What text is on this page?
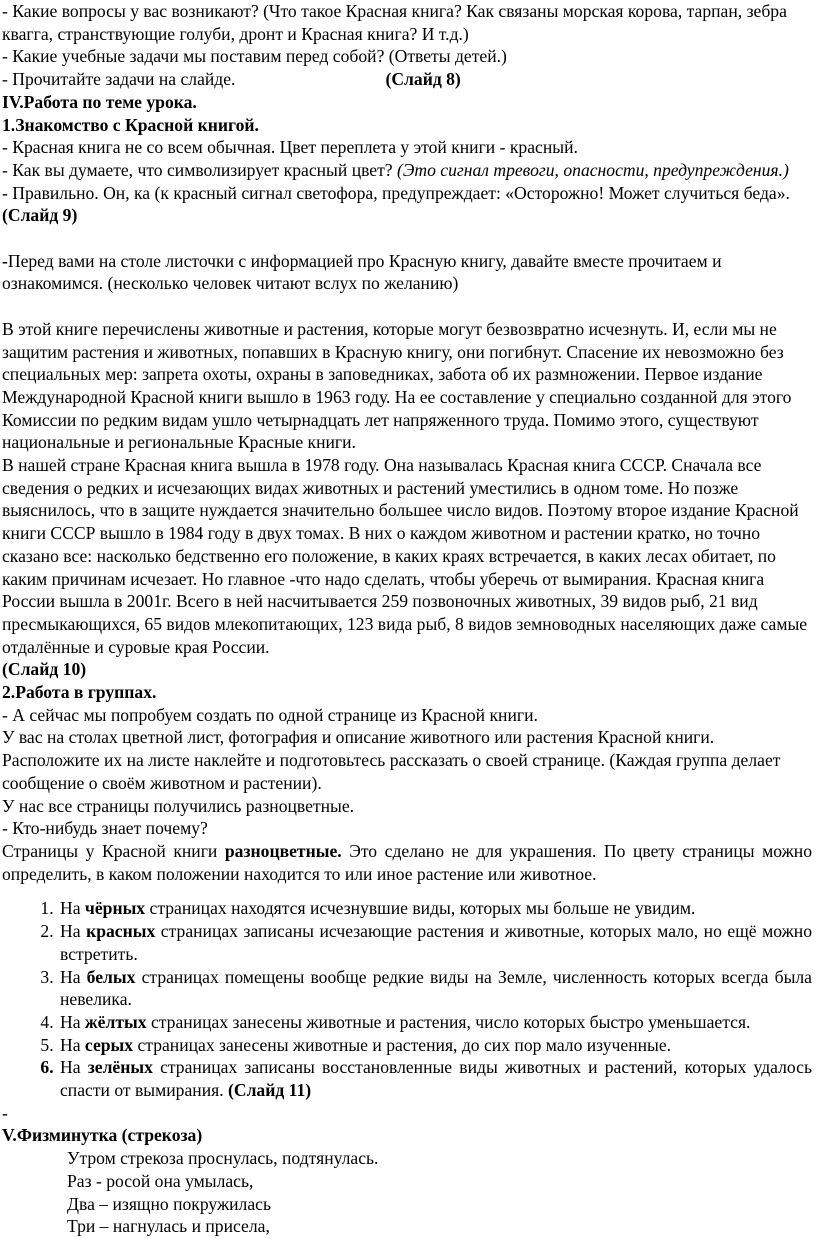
- Какие вопросы у вас возникают? (Что такое Красная книга? Как связаны морская корова, тарпан, зебра квагга, странствующие голуби, дронт и Красная книга? И т.д.)

- Какие учебные задачи мы поставим перед собой? (Ответы детей.)

- Прочитайте задачи на слайде.	(Слайд 8)

IV.Работа по теме урока.

1.Знакомство с Красной книгой.

- Красная книга не со всем обычная. Цвет переплета у этой книги - красный.

- Как вы думаете, что символизирует красный цвет? (Это сигнал тревоги, опасности, предупреждения.)

- Правильно. Он, ка (к красный сигнал светофора, предупреждает: «Осторожно! Может случиться беда».      (Слайд 9)

-Перед вами на столе листочки с информацией про Красную книгу, давайте вместе прочитаем и ознакомимся. (несколько человек читают вслух по желанию)

В этой книге перечислены животные и растения, которые могут безвозвратно исчезнуть. И, если мы не защитим растения и животных, попавших в Красную книгу, они погибнут. Спасение их невозможно без специальных мер: запрета охоты, охраны в заповедниках, забота об их размножении. Первое издание Международной Красной книги вышло в 1963 году. На ее составление у специально созданной для этого Комиссии по редким видам ушло четырнадцать лет напряженного труда. Помимо этого, существуют национальные и региональные Красные книги.

В нашей стране Красная книга вышла в 1978 году. Она называлась Красная книга СССР. Сначала все сведения о редких и исчезающих видах животных и растений уместились в одном томе. Но позже выяснилось, что в защите нуждается значительно большее число видов. Поэтому второе издание Красной книги СССР вышло в 1984 году в двух томах. В них о каждом животном и растении кратко, но точно сказано все: насколько бедственно его положение, в каких краях встречается, в каких лесах обитает, по каким причинам исчезает. Но главное -что надо сделать, чтобы уберечь от вымирания. Красная книга России вышла в 2001г. Всего в ней насчитывается 259 позвоночных животных, 39 видов рыб, 21 вид пресмыкающихся, 65 видов млекопитающих, 123 вида рыб, 8 видов земноводных населяющих даже самые отдалённые и суровые края России.

(Слайд 10)

2.Работа в группах.

- А сейчас мы попробуем создать по одной странице из Красной книги.

У вас на столах цветной лист, фотография и описание животного или растения Красной книги. Расположите их на листе наклейте и подготовьтесь рассказать о своей странице. (Каждая группа делает сообщение о своём животном и растении).

У нас все страницы получились разноцветные.

- Кто-нибудь знает почему?

Страницы у Красной книги разноцветные. Это сделано не для украшения. По цвету страницы можно определить, в каком положении находится то или иное растение или животное.

1. На чёрных страницах находятся исчезнувшие виды, которых мы больше не увидим.
2. На красных страницах записаны исчезающие растения и животные, которых мало, но ещё можно встретить.
3. На белых страницах помещены вообще редкие виды на Земле, численность которых всегда была невелика.
4. На жёлтых страницах занесены животные и растения, число которых быстро уменьшается.
5. На серых страницах занесены животные и растения, до сих пор мало изученные.
6. На зелёных страницах записаны восстановленные виды животных и растений, которых удалось спасти от вымирания. (Слайд 11)

-

V.Физминутка (стрекоза)

Утром стрекоза проснулась, подтянулась.

Раз - росой она умылась,

Два – изящно покружилась

Три – нагнулась и присела,
